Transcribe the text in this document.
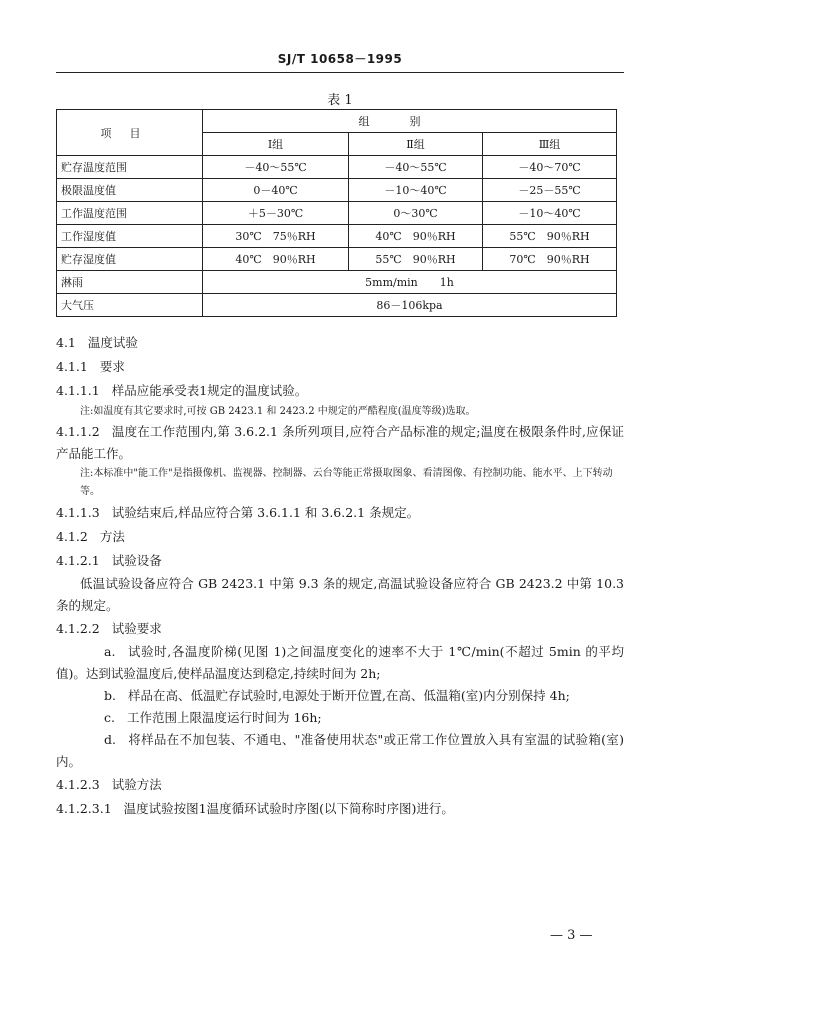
SJ/T 10658－1995
表 1
项目	组别		
	Ⅰ组	Ⅱ组	Ⅲ组
贮存温度范围	－40～55℃	－40～55℃	－40～70℃
极限温度值	0－40℃	－10～40℃	－25－55℃
工作温度范围	＋5－30℃	0～30℃	－10～40℃
工作湿度值	30℃　75％RH	40℃　90％RH	55℃　90％RH
贮存湿度值	40℃　90％RH	55℃　90％RH	70℃　90％RH
淋雨	5mm/min　　1h		
大气压	86－106kpa		
4.1 温度试验
4.1.1 要求
4.1.1.1 样品应能承受表1规定的温度试验。
注:如温度有其它要求时,可按 GB 2423.1 和 2423.2 中规定的严酷程度(温度等级)选取。
4.1.1.2 温度在工作范围内,第 3.6.2.1 条所列项目,应符合产品标准的规定;温度在极限条件时,应保证产品能工作。
注:本标准中"能工作"是指摄像机、监视器、控制器、云台等能正常摄取图象、看清图像、有控制功能、能水平、上下转动等。
4.1.1.3 试验结束后,样品应符合第 3.6.1.1 和 3.6.2.1 条规定。
4.1.2 方法
4.1.2.1 试验设备
低温试验设备应符合 GB 2423.1 中第 9.3 条的规定,高温试验设备应符合 GB 2423.2 中第 10.3 条的规定。
4.1.2.2 试验要求
a. 试验时,各温度阶梯(见图 1)之间温度变化的速率不大于 1℃/min(不超过 5min 的平均值)。达到试验温度后,使样品温度达到稳定,持续时间为 2h;
b. 样品在高、低温贮存试验时,电源处于断开位置,在高、低温箱(室)内分别保持 4h;
c. 工作范围上限温度运行时间为 16h;
d. 将样品在不加包装、不通电、"准备使用状态"或正常工作位置放入具有室温的试验箱(室)内。
4.1.2.3 试验方法
4.1.2.3.1 温度试验按图1温度循环试验时序图(以下简称时序图)进行。
— 3 —
